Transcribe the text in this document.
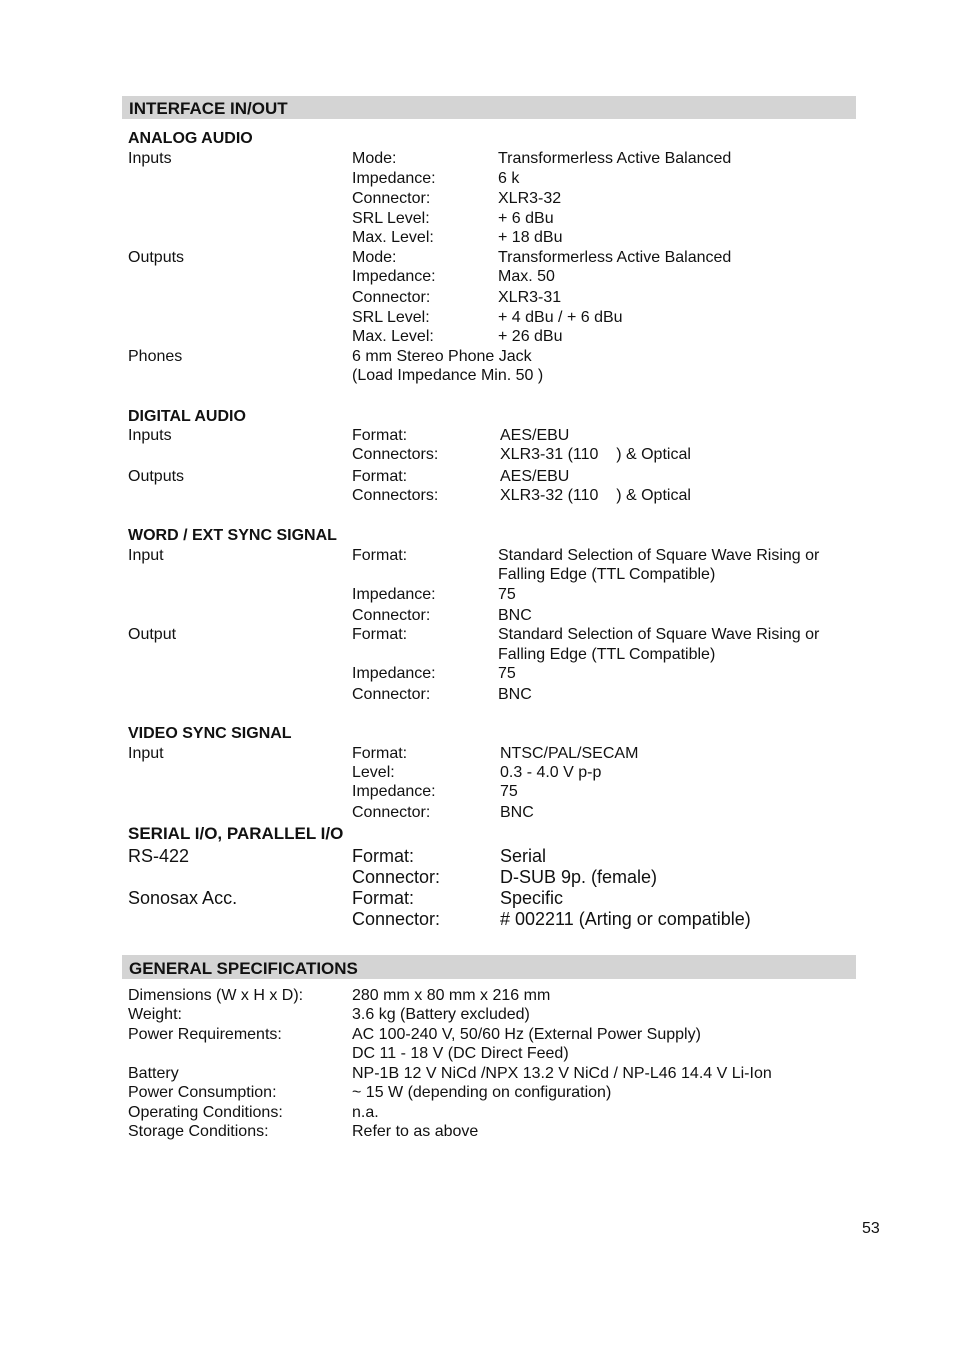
INTERFACE IN/OUT
ANALOG AUDIO
Inputs	Mode:	Transformerless Active Balanced
Impedance:	6 k
Connector:	XLR3-32
SRL Level:	+ 6 dBu
Max. Level:	+ 18 dBu
Outputs	Mode:	Transformerless Active Balanced
Impedance:	Max. 50
Connector:	XLR3-31
SRL Level:	+ 4 dBu / + 6 dBu
Max. Level:	+ 26 dBu
Phones	6 mm Stereo Phone Jack
(Load Impedance Min. 50 )
DIGITAL AUDIO
Inputs	Format:	AES/EBU
Connectors:	XLR3-31 (110    ) & Optical
Outputs	Format:	AES/EBU
Connectors:	XLR3-32 (110    ) & Optical
WORD / EXT SYNC SIGNAL
Input	Format:	Standard Selection of Square Wave Rising or
Falling Edge (TTL Compatible)
Impedance:	75
Connector:	BNC
Output	Format:	Standard Selection of Square Wave Rising or
Falling Edge (TTL Compatible)
Impedance:	75
Connector:	BNC
VIDEO SYNC SIGNAL
Input	Format:	NTSC/PAL/SECAM
Level:	0.3 - 4.0 V p-p
Impedance:	75
Connector:	BNC
SERIAL I/O, PARALLEL I/O
RS-422	Format:	Serial
Connector:	D-SUB 9p. (female)
Sonosax Acc.	Format:	Specific
Connector:	# 002211 (Arting or compatible)
GENERAL SPECIFICATIONS
Dimensions (W x H x D):	280 mm x 80 mm x 216 mm
Weight:	3.6 kg (Battery excluded)
Power Requirements:	AC 100-240 V, 50/60 Hz (External Power Supply)
DC 11 - 18 V (DC Direct Feed)
Battery	NP-1B 12 V NiCd /NPX 13.2 V NiCd / NP-L46 14.4 V Li-Ion
Power Consumption:	~ 15 W (depending on configuration)
Operating Conditions:	n.a.
Storage Conditions:	Refer to as above
53
